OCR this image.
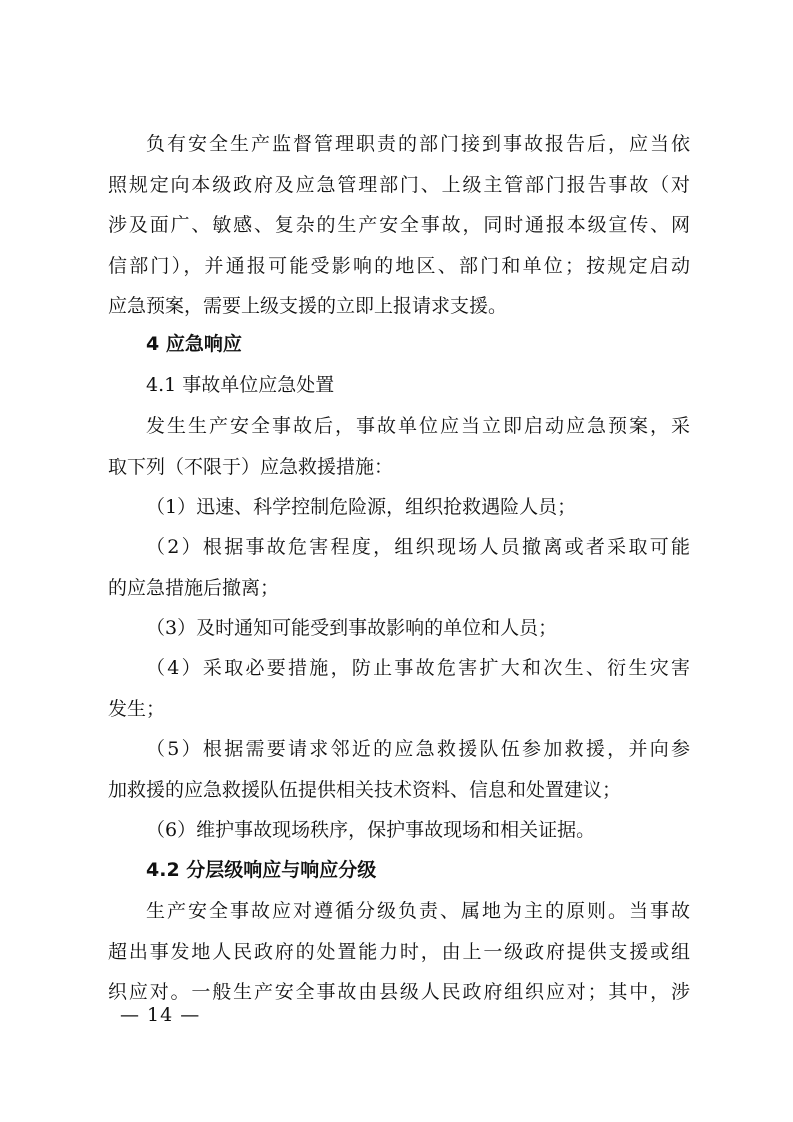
负有安全生产监督管理职责的部门接到事故报告后，应当依
照规定向本级政府及应急管理部门、上级主管部门报告事故（对
涉及面广、敏感、复杂的生产安全事故，同时通报本级宣传、网
信部门），并通报可能受影响的地区、部门和单位；按规定启动
应急预案，需要上级支援的立即上报请求支援。
4 应急响应
4.1 事故单位应急处置
发生生产安全事故后，事故单位应当立即启动应急预案，采
取下列（不限于）应急救援措施：
（1）迅速、科学控制危险源，组织抢救遇险人员；
（2）根据事故危害程度，组织现场人员撤离或者采取可能
的应急措施后撤离；
（3）及时通知可能受到事故影响的单位和人员；
（4）采取必要措施，防止事故危害扩大和次生、衍生灾害
发生；
（5）根据需要请求邻近的应急救援队伍参加救援，并向参
加救援的应急救援队伍提供相关技术资料、信息和处置建议；
（6）维护事故现场秩序，保护事故现场和相关证据。
4.2 分层级响应与响应分级
生产安全事故应对遵循分级负责、属地为主的原则。当事故
超出事发地人民政府的处置能力时，由上一级政府提供支援或组
织应对。一般生产安全事故由县级人民政府组织应对；其中，涉
— 14 —
